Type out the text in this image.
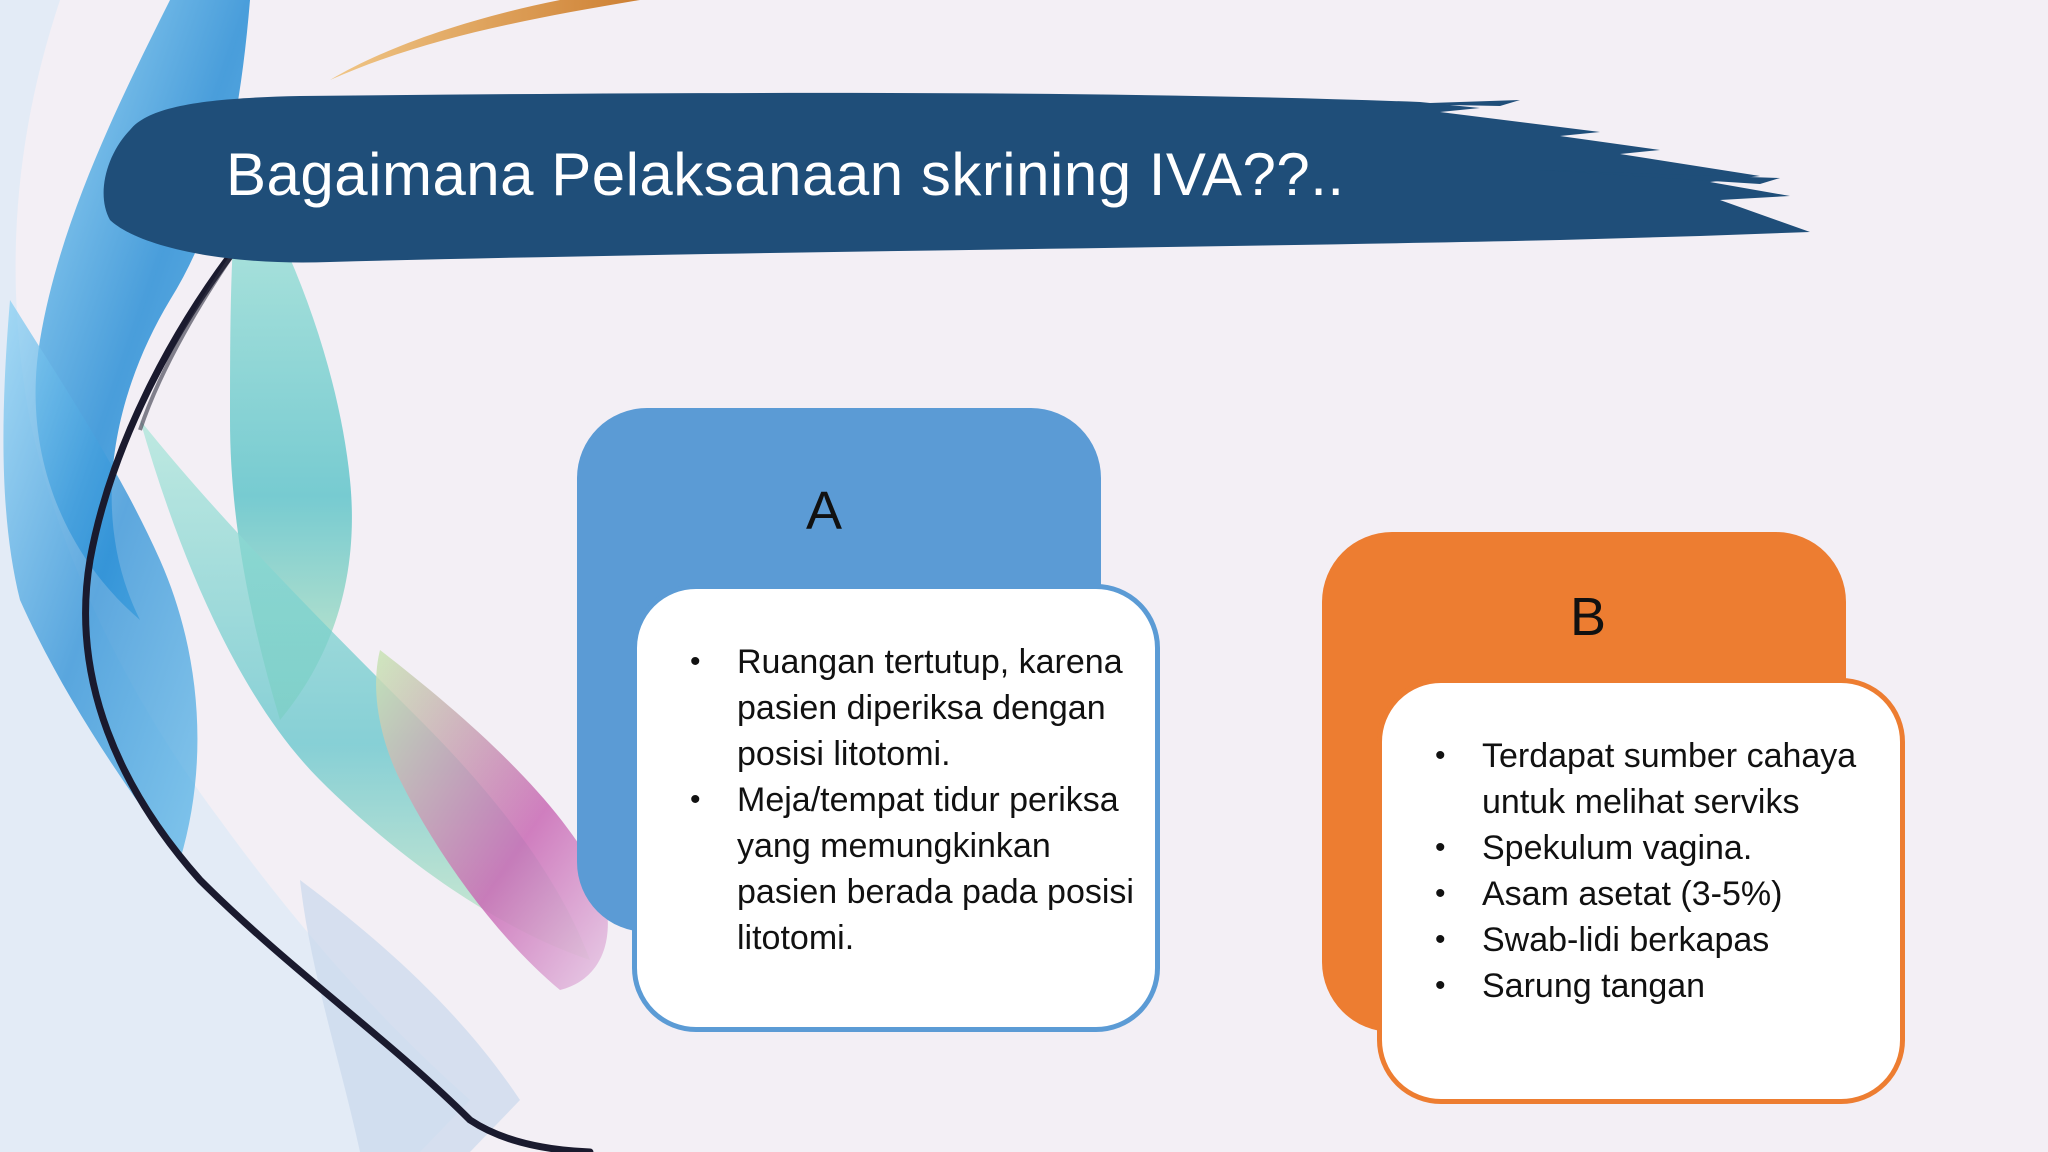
Bagaimana Pelaksanaan skrining IVA??..
A
• Ruangan tertutup, karena pasien diperiksa dengan posisi litotomi.
• Meja/tempat tidur periksa yang memungkinkan pasien berada pada posisi litotomi.
B
• Terdapat sumber cahaya untuk melihat serviks
• Spekulum vagina.
• Asam asetat (3-5%)
• Swab-lidi berkapas
• Sarung tangan
